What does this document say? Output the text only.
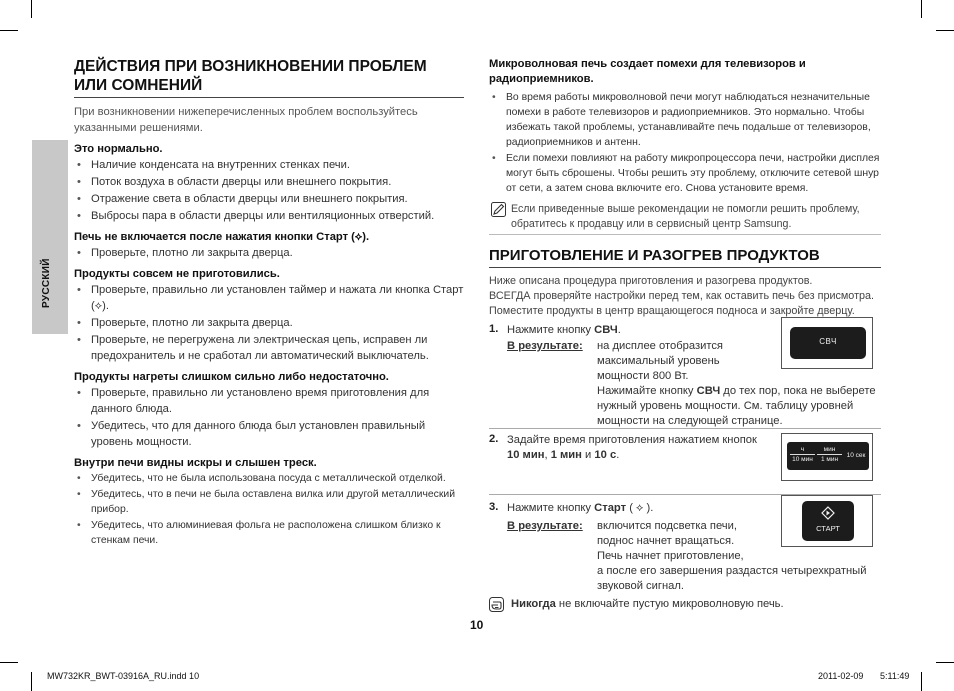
РУССКИЙ
ДЕЙСТВИЯ ПРИ ВОЗНИКНОВЕНИИ ПРОБЛЕМ ИЛИ СОМНЕНИЙ
При возникновении нижеперечисленных проблем воспользуйтесь указанными решениями.
Это нормально.
• Наличие конденсата на внутренних стенках печи.
• Поток воздуха в области дверцы или внешнего покрытия.
• Отражение света в области дверцы или внешнего покрытия.
• Выбросы пара в области дверцы или вентиляционных отверстий.
Печь не включается после нажатия кнопки Старт (⟡).
• Проверьте, плотно ли закрыта дверца.
Продукты совсем не приготовились.
• Проверьте, правильно ли установлен таймер и нажата ли кнопка Старт (⟡).
• Проверьте, плотно ли закрыта дверца.
• Проверьте, не перегружена ли электрическая цепь, исправен ли предохранитель и не сработал ли автоматический выключатель.
Продукты нагреты слишком сильно либо недостаточно.
• Проверьте, правильно ли установлено время приготовления для данного блюда.
• Убедитесь, что для данного блюда был установлен правильный уровень мощности.
Внутри печи видны искры и слышен треск.
• Убедитесь, что не была использована посуда с металлической отделкой.
• Убедитесь, что в печи не была оставлена вилка или другой металлический прибор.
• Убедитесь, что алюминиевая фольга не расположена слишком близко к стенкам печи.
Микроволновая печь создает помехи для телевизоров и радиоприемников.
• Во время работы микроволновой печи могут наблюдаться незначительные помехи в работе телевизоров и радиоприемников. Это нормально. Чтобы избежать такой проблемы, устанавливайте печь подальше от телевизоров, радиоприемников и антенн.
• Если помехи повлияют на работу микропроцессора печи, настройки дисплея могут быть сброшены. Чтобы решить эту проблему, отключите сетевой шнур от сети, а затем снова включите его. Снова установите время.
Если приведенные выше рекомендации не помогли решить проблему, обратитесь к продавцу или в сервисный центр Samsung.
ПРИГОТОВЛЕНИЕ И РАЗОГРЕВ ПРОДУКТОВ
Ниже описана процедура приготовления и разогрева продуктов.
ВСЕГДА проверяйте настройки перед тем, как оставить печь без присмотра.
Поместите продукты в центр вращающегося подноса и закройте дверцу.
1. Нажмите кнопку СВЧ.
В результате: на дисплее отобразится
максимальный уровень
мощности 800 Вт.
Нажимайте кнопку СВЧ до тех пор, пока не выберете нужный уровень мощности. См. таблицу уровней мощности на следующей странице.
СВЧ
2. Задайте время приготовления нажатием кнопок 10 мин, 1 мин и 10 с.	ч
10 мин
мин
1 мин
10 сек
3. Нажмите кнопку Старт ( ⟡ ).
В результате: включится подсветка печи,
поднос начнет вращаться.
Печь начнет приготовление,
а после его завершения раздастся четырехкратный звуковой сигнал.
СТАРТ
Никогда не включайте пустую микроволновую печь.
10
MW732KR_BWT-03916A_RU.indd 10	2011-02-09 5:11:49
